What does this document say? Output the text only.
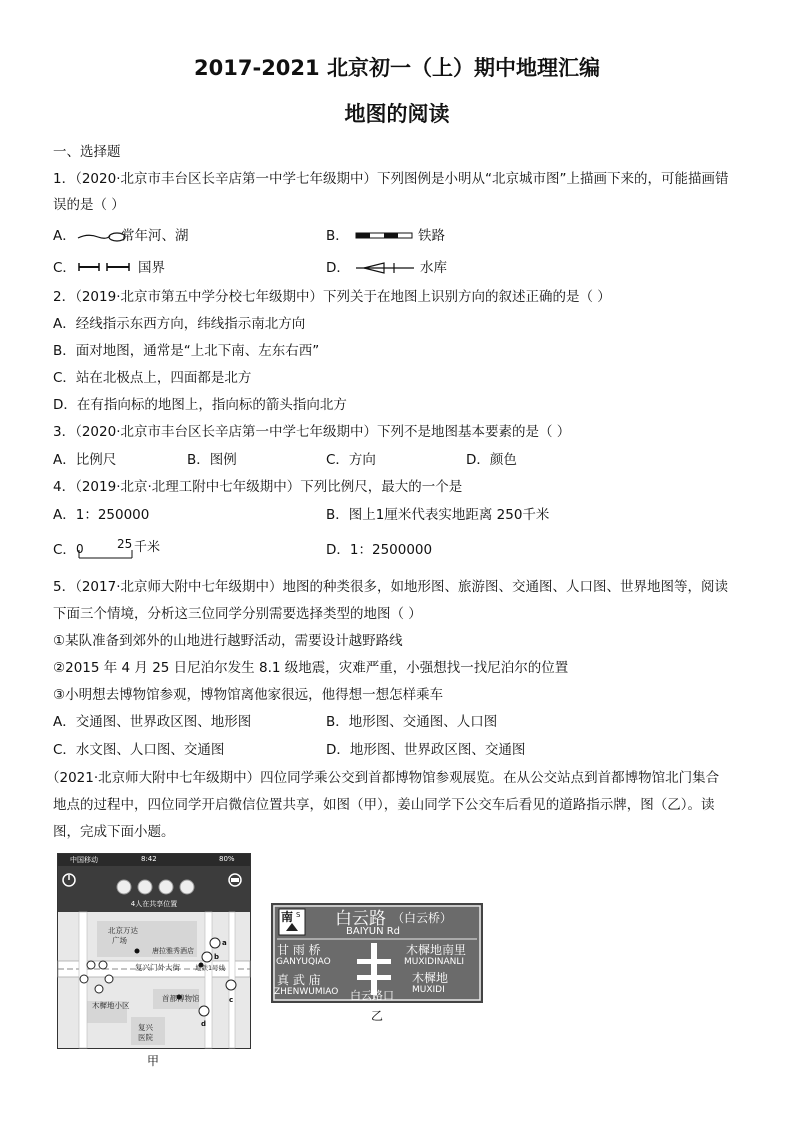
2017-2021 北京初一（上）期中地理汇编
地图的阅读
一、选择题
1．（2020·北京市丰台区长辛店第一中学七年级期中）下列图例是小明从“北京城市图”上描画下来的，可能描画错
误的是（ ）
A．	常年河、湖	B．	铁路
C．	国界	D．	水库
2．（2019·北京市第五中学分校七年级期中）下列关于在地图上识别方向的叙述正确的是（ ）
A．经线指示东西方向，纬线指示南北方向
B．面对地图，通常是“上北下南、左东右西”
C．站在北极点上，四面都是北方
D．在有指向标的地图上，指向标的箭头指向北方
3．（2020·北京市丰台区长辛店第一中学七年级期中）下列不是地图基本要素的是（ ）
A．比例尺	B．图例	C．方向	D．颜色
4．（2019·北京·北理工附中七年级期中）下列比例尺，最大的一个是
A．1：250000	B．图上1厘米代表实地距离 250千米
C． 0	25 千米	D．1：2500000
5．（2017·北京师大附中七年级期中）地图的种类很多，如地形图、旅游图、交通图、人口图、世界地图等，阅读
下面三个情境，分析这三位同学分别需要选择类型的地图（ ）
①某队准备到郊外的山地进行越野活动，需要设计越野路线
②2015 年 4 月 25 日尼泊尔发生 8.1 级地震，灾难严重，小强想找一找尼泊尔的位置
③小明想去博物馆参观，博物馆离他家很远，他得想一想怎样乘车
A．交通图、世界政区图、地形图	B．地形图、交通图、人口图
C．水文图、人口图、交通图	D．地形图、世界政区图、交通图
（2021·北京师大附中七年级期中）四位同学乘公交到首都博物馆参观展览。在从公交站点到首都博物馆北门集合
地点的过程中，四位同学开启微信位置共享，如图（甲），姜山同学下公交车后看见的道路指示牌，图（乙）。读
图，完成下面小题。
中国移动	8:42	80%
4人在共享位置
北京万达
广场
唐拉雅秀酒店
复兴门外大街 地铁1号线
木樨地小区
首都博物馆
复兴
医院
a
b
c
d
甲
南 S 白云路 （白云桥）
BAIYUN Rd
甘 雨 桥
GANYUQIAO
真 武 庙
ZHENWUMIAO
木樨地南里
MUXIDINANLI
木樨地
MUXIDI
白云路口
乙
